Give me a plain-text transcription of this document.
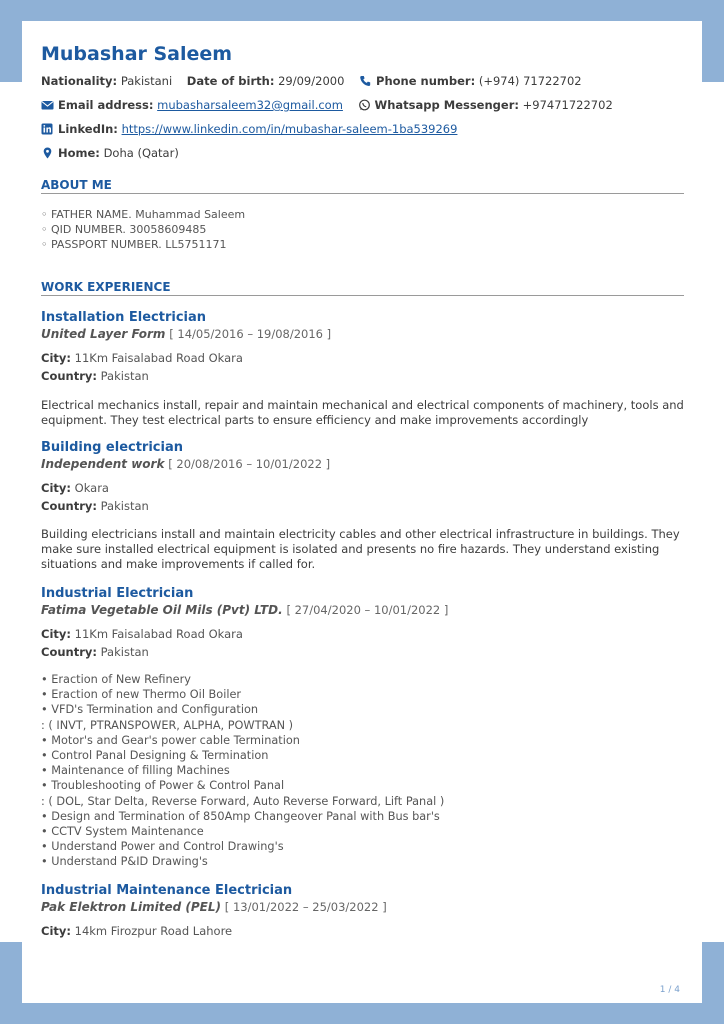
Mubashar Saleem
Nationality: Pakistani Date of birth: 29/09/2000	Phone number: (+974) 71722702
Email address: mubasharsaleem32@gmail.com	Whatsapp Messenger: +97471722702
LinkedIn: https://www.linkedin.com/in/mubashar-saleem-1ba539269
Home: Doha (Qatar)
ABOUT ME
◦ FATHER NAME. Muhammad Saleem
◦ QID NUMBER. 30058609485
◦ PASSPORT NUMBER. LL5751171
WORK EXPERIENCE
Installation Electrician
United Layer Form [ 14/05/2016 – 19/08/2016 ]
City: 11Km Faisalabad Road Okara
Country: Pakistan
Electrical mechanics install, repair and maintain mechanical and electrical components of machinery, tools and equipment. They test electrical parts to ensure efficiency and make improvements accordingly
Building electrician
Independent work [ 20/08/2016 – 10/01/2022 ]
City: Okara
Country: Pakistan
Building electricians install and maintain electricity cables and other electrical infrastructure in buildings. They make sure installed electrical equipment is isolated and presents no fire hazards. They understand existing situations and make improvements if called for.
Industrial Electrician
Fatima Vegetable Oil Mils (Pvt) LTD. [ 27/04/2020 – 10/01/2022 ]
City: 11Km Faisalabad Road Okara
Country: Pakistan
• Eraction of New Refinery
• Eraction of new Thermo Oil Boiler
• VFD's Termination and Configuration
: ( INVT, PTRANSPOWER, ALPHA, POWTRAN )
• Motor's and Gear's power cable Termination
• Control Panal Designing & Termination
• Maintenance of filling Machines
• Troubleshooting of Power & Control Panal
: ( DOL, Star Delta, Reverse Forward, Auto Reverse Forward, Lift Panal )
• Design and Termination of 850Amp Changeover Panal with Bus bar's
• CCTV System Maintenance
• Understand Power and Control Drawing's
• Understand P&ID Drawing's
Industrial Maintenance Electrician
Pak Elektron Limited (PEL) [ 13/01/2022 – 25/03/2022 ]
City: 14km Firozpur Road Lahore
1 / 4
